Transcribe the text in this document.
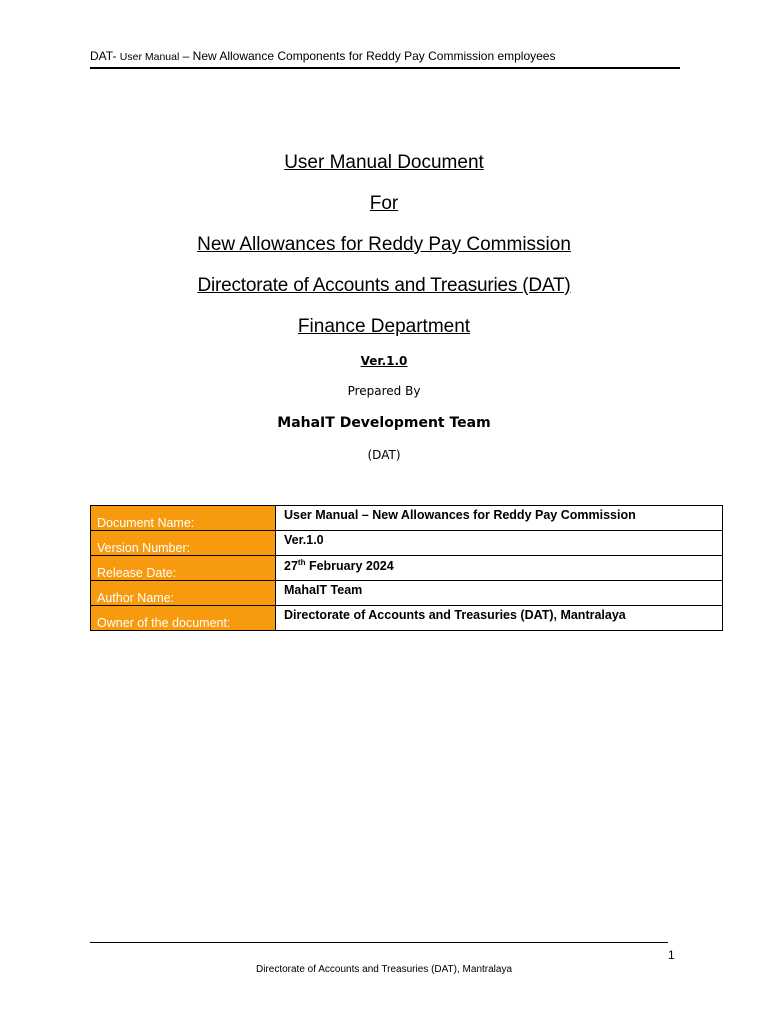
DAT- User Manual – New Allowance Components for Reddy Pay Commission employees
User Manual Document
For
New Allowances for Reddy Pay Commission
Directorate of Accounts and Treasuries (DAT)
Finance Department
Ver.1.0
Prepared By
MahaIT Development Team
(DAT)
Document Name:	User Manual – New Allowances for Reddy Pay Commission
Version Number:	Ver.1.0
Release Date:	27th February 2024
Author Name:	MahaIT Team
Owner of the document:	Directorate of Accounts and Treasuries (DAT), Mantralaya
1
Directorate of Accounts and Treasuries (DAT), Mantralaya
